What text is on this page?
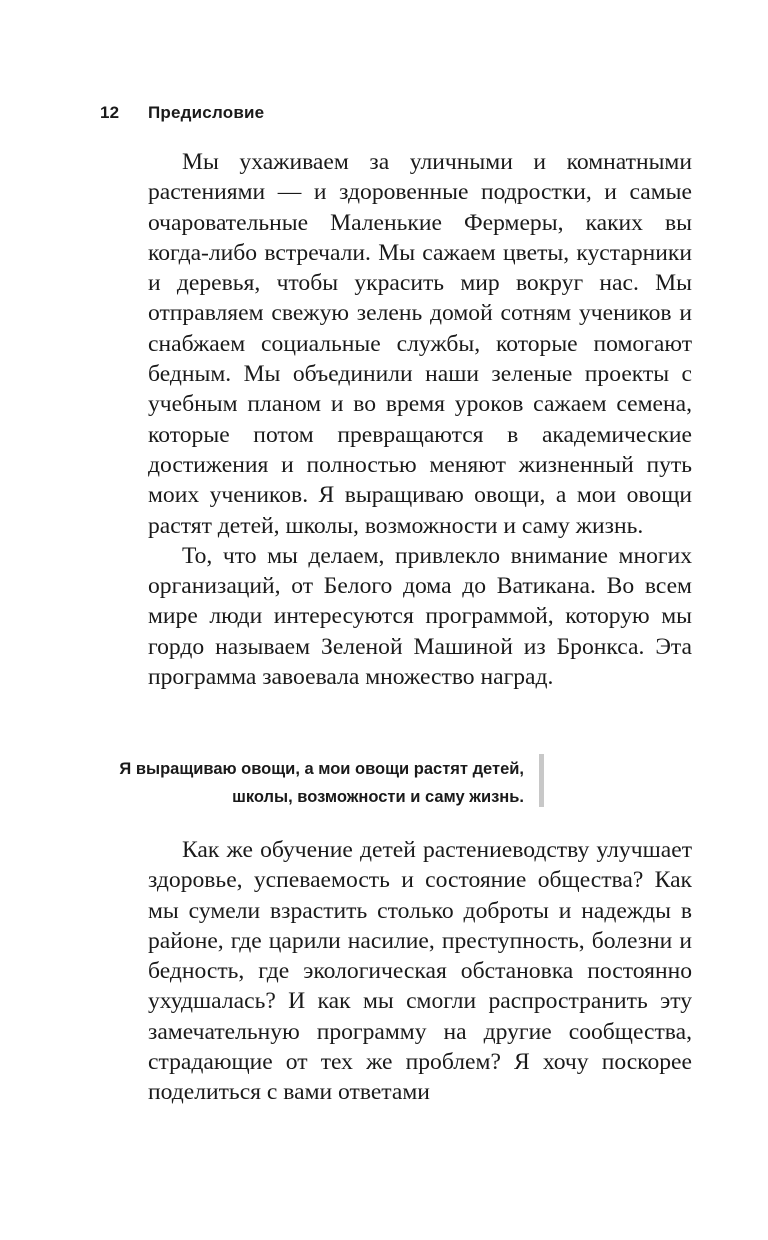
12 Предисловие

Мы ухаживаем за уличными и комнатными растениями — и здоровенные подростки, и самые очаровательные Маленькие Фермеры, каких вы когда-либо встречали. Мы сажаем цветы, кустарники и деревья, чтобы украсить мир вокруг нас. Мы отправляем свежую зелень домой сотням учеников и снабжаем социальные службы, которые помогают бедным. Мы объединили наши зеленые проекты с учебным планом и во время уроков сажаем семена, которые потом превращаются в академические достижения и полностью меняют жизненный путь моих учеников. Я выращиваю овощи, а мои овощи растят детей, школы, возможности и саму жизнь.

То, что мы делаем, привлекло внимание многих организаций, от Белого дома до Ватикана. Во всем мире люди интересуются программой, которую мы гордо называем Зеленой Машиной из Бронкса. Эта программа завоевала множество наград.

Я выращиваю овощи, а мои овощи растят детей,
школы, возможности и саму жизнь.

Как же обучение детей растениеводству улучшает здоровье, успеваемость и состояние общества? Как мы сумели взрастить столько доброты и надежды в районе, где царили насилие, преступность, болезни и бедность, где экологическая обстановка постоянно ухудшалась? И как мы смогли распространить эту замечательную программу на другие сообщества, страдающие от тех же проблем? Я хочу поскорее поделиться с вами ответами
